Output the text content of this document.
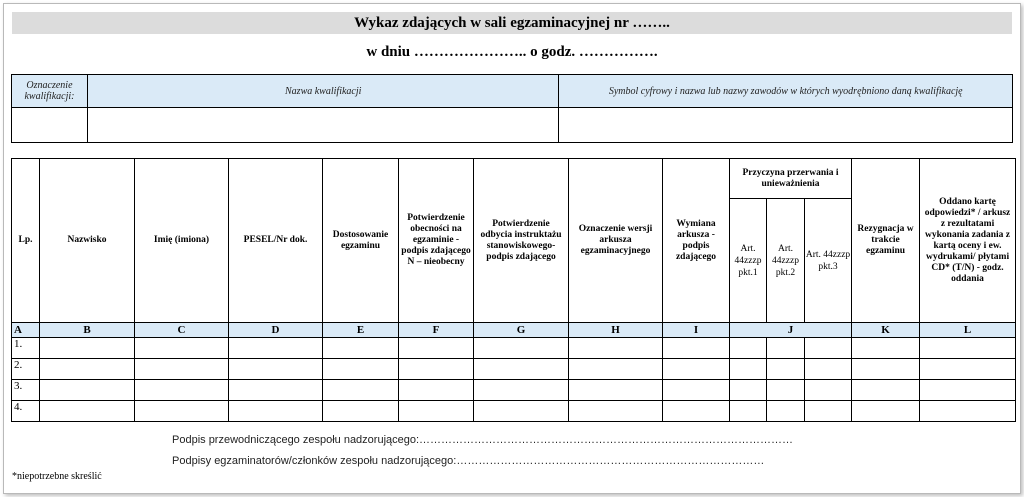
Wykaz zdających w sali egzaminacyjnej nr ……..
w dniu ………………….. o godz. …………….
Oznaczenie kwalifikacji:	Nazwa kwalifikacji	Symbol cyfrowy i nazwa lub nazwy zawodów w których wyodrębniono daną kwalifikację

Lp.	Nazwisko	Imię (imiona)	PESEL/Nr dok.	Dostosowanie egzaminu	Potwierdzenie obecności na egzaminie - podpis zdającego N – nieobecny	Potwierdzenie odbycia instruktażu stanowiskowego- podpis zdającego	Oznaczenie wersji arkusza egzaminacyjnego	Wymiana arkusza - podpis zdającego	Przyczyna przerwania i unieważnienia			Rezygnacja w trakcie egzaminu	Oddano kartę odpowiedzi* / arkusz z rezultatami wykonania zadania z kartą oceny i ew. wydrukami/ płytami CD* (T/N) - godz. oddania
									Art. 44zzzp pkt.1	Art. 44zzzp pkt.2	Art. 44zzzp pkt.3		
A	B	C	D	E	F	G	H	I	J			K	L
1.													
2.													
3.													
4.													
Podpis przewodniczącego zespołu nadzorującego:…………………………………………………………………………………………
Podpisy egzaminatorów/członków zespołu nadzorującego:…………………………………………………………………………
*niepotrzebne skreślić
